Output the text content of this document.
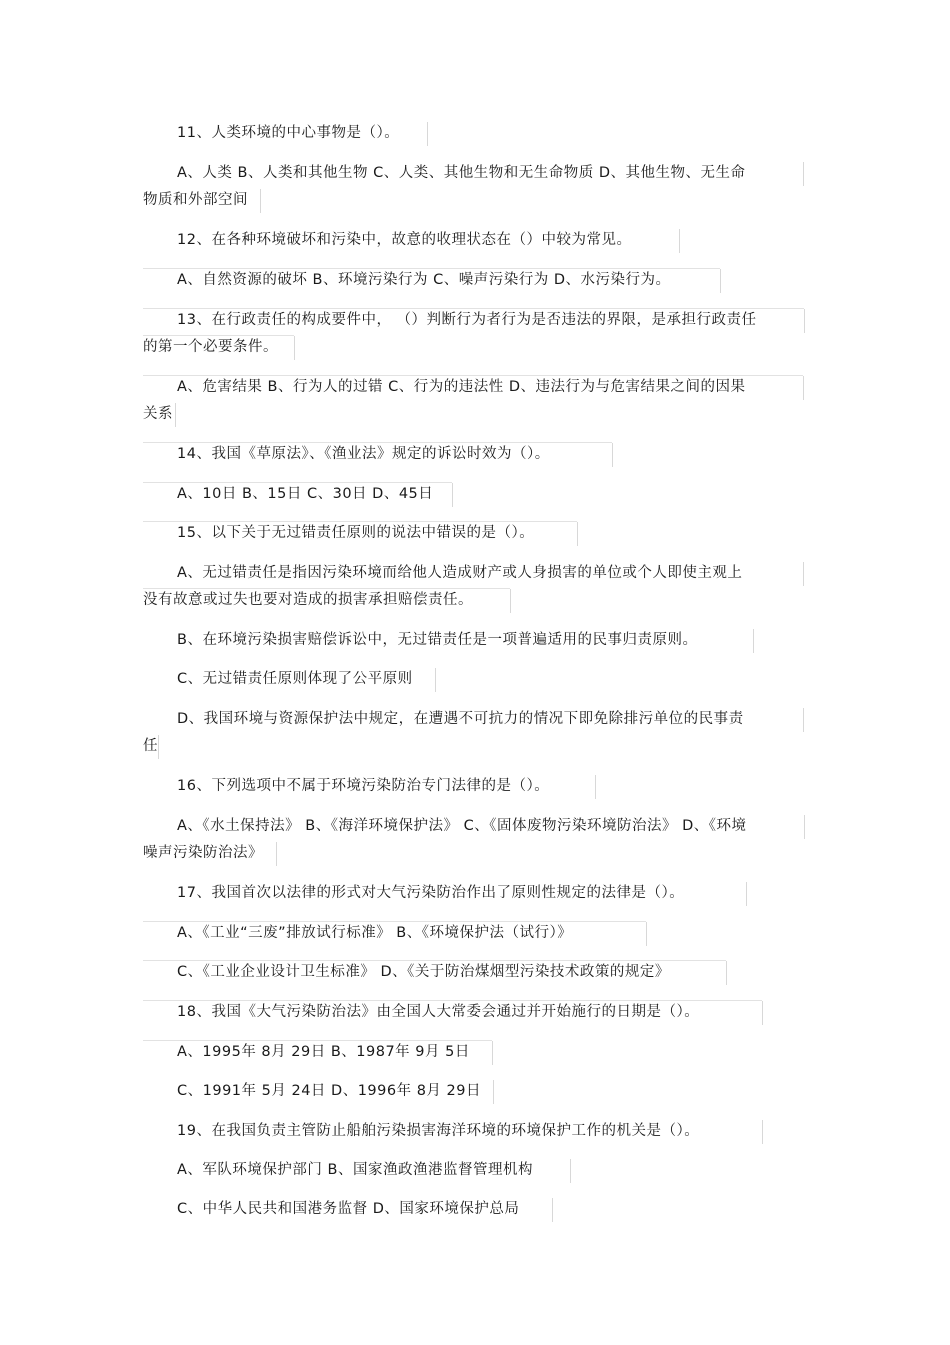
11、人类环境的中心事物是（）。
A、人类 B、人类和其他生物 C、人类、其他生物和无生命物质 D、其他生物、无生命
物质和外部空间
12、在各种环境破坏和污染中，故意的收理状态在（）中较为常见。
A、自然资源的破坏 B、环境污染行为 C、噪声污染行为 D、水污染行为。
13、在行政责任的构成要件中， （）判断行为者行为是否违法的界限，是承担行政责任
的第一个必要条件。
A、危害结果 B、行为人的过错 C、行为的违法性 D、违法行为与危害结果之间的因果
关系
14、我国《草原法》、《渔业法》规定的诉讼时效为（）。
A、10日 B、15日 C、30日 D、45日
15、以下关于无过错责任原则的说法中错误的是（）。
A、无过错责任是指因污染环境而给他人造成财产或人身损害的单位或个人即使主观上
没有故意或过失也要对造成的损害承担赔偿责任。
B、在环境污染损害赔偿诉讼中，无过错责任是一项普遍适用的民事归责原则。
C、无过错责任原则体现了公平原则
D、我国环境与资源保护法中规定，在遭遇不可抗力的情况下即免除排污单位的民事责
任
16、下列选项中不属于环境污染防治专门法律的是（）。
A、《水土保持法》 B、《海洋环境保护法》 C、《固体废物污染环境防治法》 D、《环境
噪声污染防治法》
17、我国首次以法律的形式对大气污染防治作出了原则性规定的法律是（）。
A、《工业“三废”排放试行标准》 B、《环境保护法（试行）》
C、《工业企业设计卫生标准》 D、《关于防治煤烟型污染技术政策的规定》
18、我国《大气污染防治法》由全国人大常委会通过并开始施行的日期是（）。
A、1995年 8月 29日 B、1987年 9月 5日
C、1991年 5月 24日 D、1996年 8月 29日
19、在我国负责主管防止船舶污染损害海洋环境的环境保护工作的机关是（）。
A、军队环境保护部门 B、国家渔政渔港监督管理机构
C、中华人民共和国港务监督 D、国家环境保护总局
